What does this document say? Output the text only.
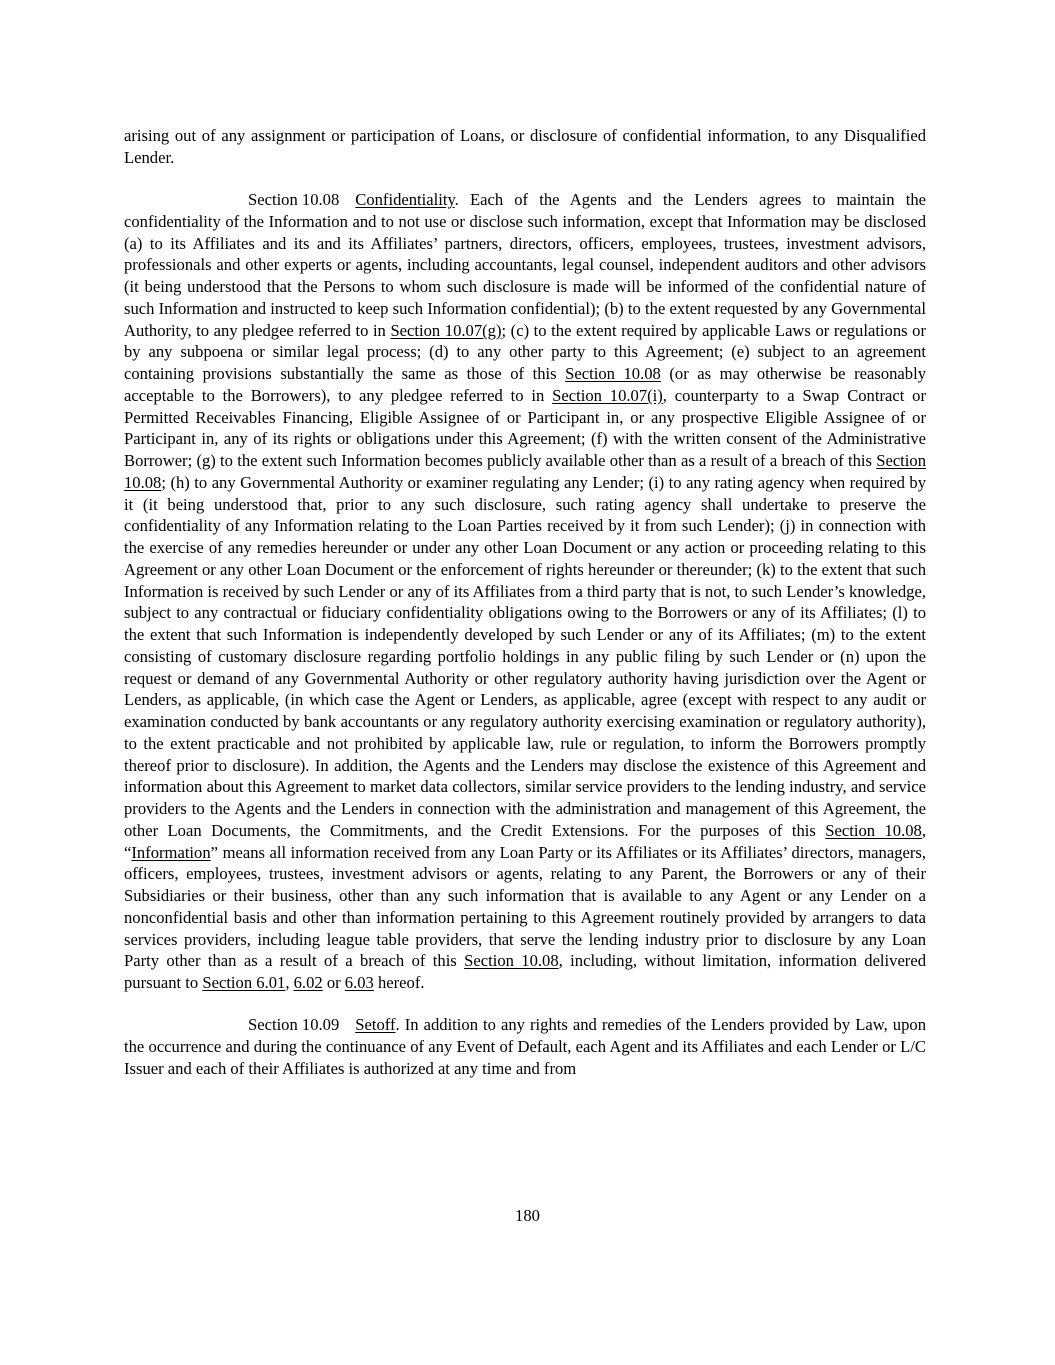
arising out of any assignment or participation of Loans, or disclosure of confidential information, to any Disqualified Lender.

Section 10.08 Confidentiality. Each of the Agents and the Lenders agrees to maintain the confidentiality of the Information and to not use or disclose such information, except that Information may be disclosed (a) to its Affiliates and its and its Affiliates’ partners, directors, officers, employees, trustees, investment advisors, professionals and other experts or agents, including accountants, legal counsel, independent auditors and other advisors (it being understood that the Persons to whom such disclosure is made will be informed of the confidential nature of such Information and instructed to keep such Information confidential); (b) to the extent requested by any Governmental Authority, to any pledgee referred to in Section 10.07(g); (c) to the extent required by applicable Laws or regulations or by any subpoena or similar legal process; (d) to any other party to this Agreement; (e) subject to an agreement containing provisions substantially the same as those of this Section 10.08 (or as may otherwise be reasonably acceptable to the Borrowers), to any pledgee referred to in Section 10.07(i), counterparty to a Swap Contract or Permitted Receivables Financing, Eligible Assignee of or Participant in, or any prospective Eligible Assignee of or Participant in, any of its rights or obligations under this Agreement; (f) with the written consent of the Administrative Borrower; (g) to the extent such Information becomes publicly available other than as a result of a breach of this Section 10.08; (h) to any Governmental Authority or examiner regulating any Lender; (i) to any rating agency when required by it (it being understood that, prior to any such disclosure, such rating agency shall undertake to preserve the confidentiality of any Information relating to the Loan Parties received by it from such Lender); (j) in connection with the exercise of any remedies hereunder or under any other Loan Document or any action or proceeding relating to this Agreement or any other Loan Document or the enforcement of rights hereunder or thereunder; (k) to the extent that such Information is received by such Lender or any of its Affiliates from a third party that is not, to such Lender’s knowledge, subject to any contractual or fiduciary confidentiality obligations owing to the Borrowers or any of its Affiliates; (l) to the extent that such Information is independently developed by such Lender or any of its Affiliates; (m) to the extent consisting of customary disclosure regarding portfolio holdings in any public filing by such Lender or (n) upon the request or demand of any Governmental Authority or other regulatory authority having jurisdiction over the Agent or Lenders, as applicable, (in which case the Agent or Lenders, as applicable, agree (except with respect to any audit or examination conducted by bank accountants or any regulatory authority exercising examination or regulatory authority), to the extent practicable and not prohibited by applicable law, rule or regulation, to inform the Borrowers promptly thereof prior to disclosure). In addition, the Agents and the Lenders may disclose the existence of this Agreement and information about this Agreement to market data collectors, similar service providers to the lending industry, and service providers to the Agents and the Lenders in connection with the administration and management of this Agreement, the other Loan Documents, the Commitments, and the Credit Extensions. For the purposes of this Section 10.08, “Information” means all information received from any Loan Party or its Affiliates or its Affiliates’ directors, managers, officers, employees, trustees, investment advisors or agents, relating to any Parent, the Borrowers or any of their Subsidiaries or their business, other than any such information that is available to any Agent or any Lender on a nonconfidential basis and other than information pertaining to this Agreement routinely provided by arrangers to data services providers, including league table providers, that serve the lending industry prior to disclosure by any Loan Party other than as a result of a breach of this Section 10.08, including, without limitation, information delivered pursuant to Section 6.01, 6.02 or 6.03 hereof.

Section 10.09 Setoff. In addition to any rights and remedies of the Lenders provided by Law, upon the occurrence and during the continuance of any Event of Default, each Agent and its Affiliates and each Lender or L/C Issuer and each of their Affiliates is authorized at any time and from

180
